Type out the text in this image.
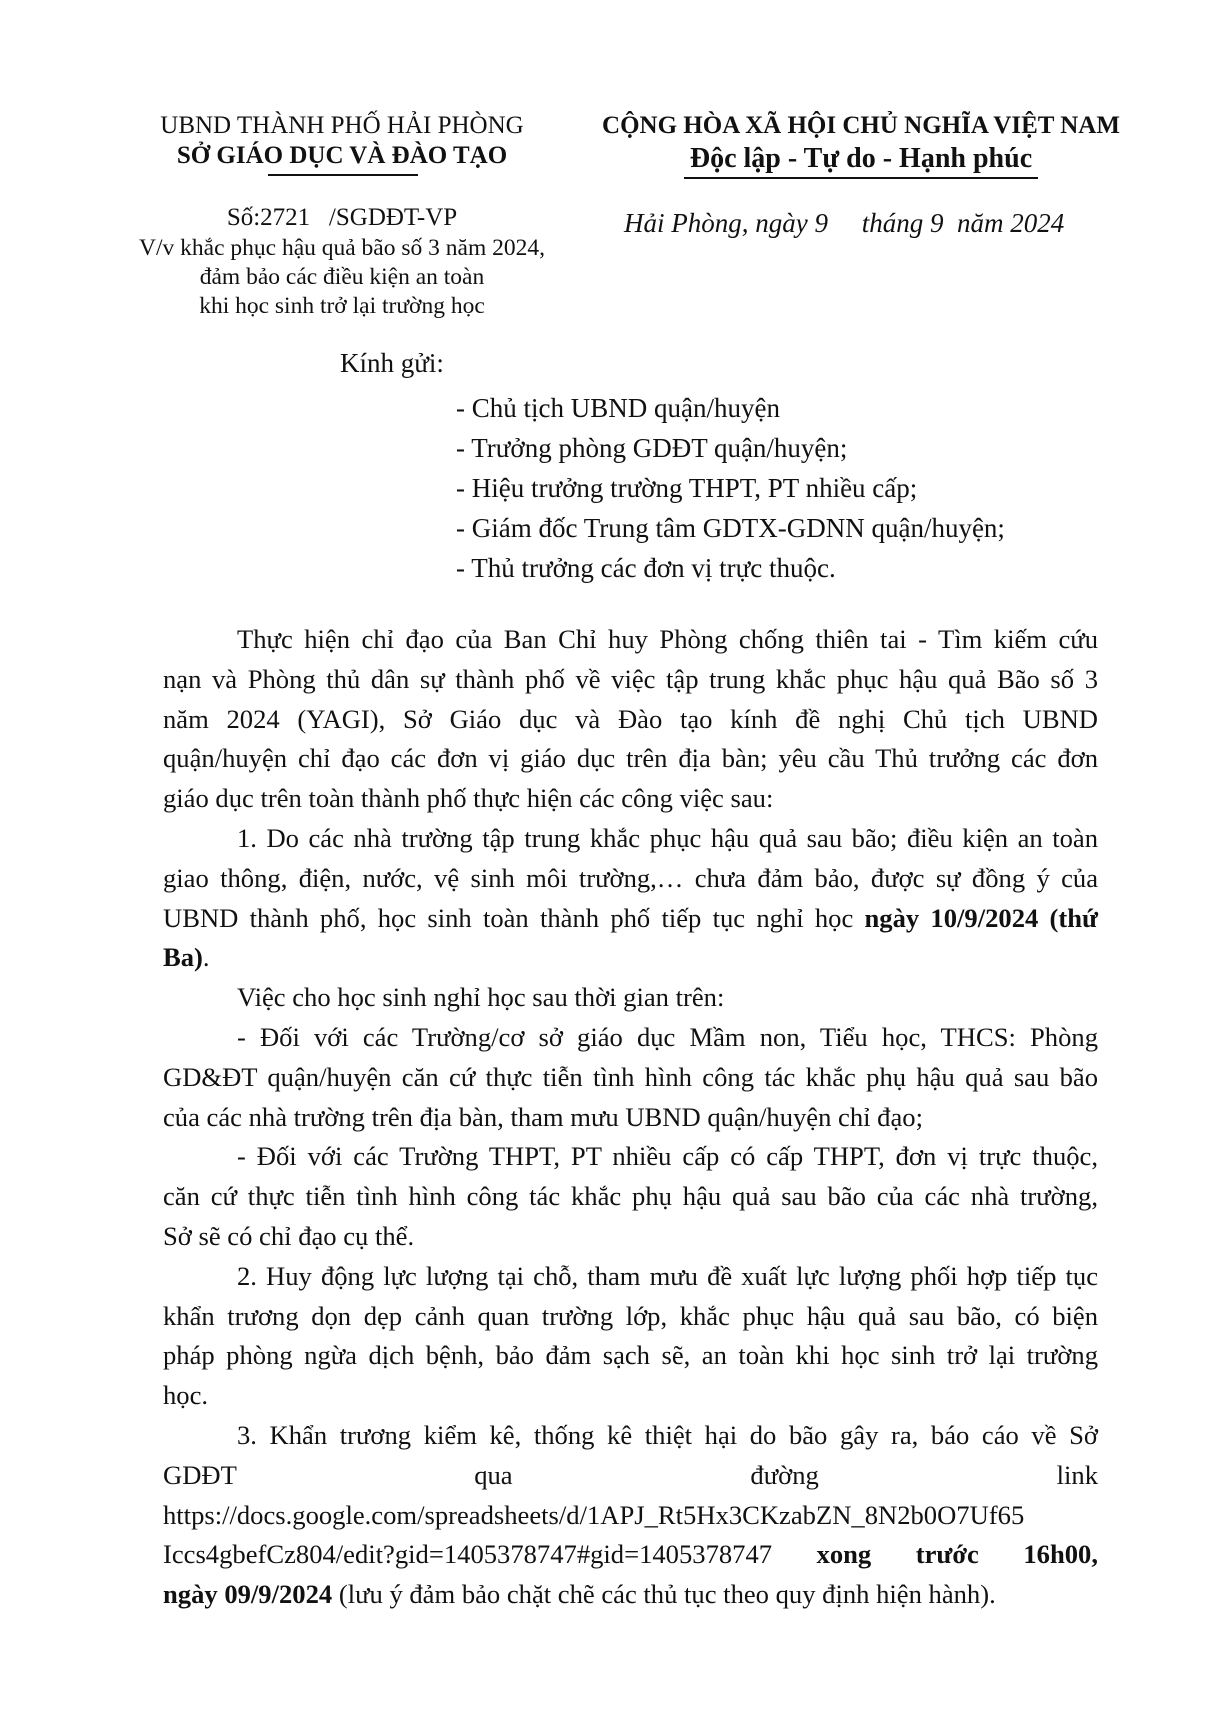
UBND THÀNH PHỐ HẢI PHÒNG
SỞ GIÁO DỤC VÀ ĐÀO TẠO
CỘNG HÒA XÃ HỘI CHỦ NGHĨA VIỆT NAM
Độc lập - Tự do - Hạnh phúc
Số:2721   /SGDĐT-VP
V/v khắc phục hậu quả bão số 3 năm 2024,
đảm bảo các điều kiện an toàn
khi học sinh trở lại trường học
Hải Phòng, ngày 9     tháng 9  năm 2024
Kính gửi:
- Chủ tịch UBND quận/huyện
- Trưởng phòng GDĐT quận/huyện;
- Hiệu trưởng trường THPT, PT nhiều cấp;
- Giám đốc Trung tâm GDTX-GDNN quận/huyện;
- Thủ trưởng các đơn vị trực thuộc.
Thực hiện chỉ đạo của Ban Chỉ huy Phòng chống thiên tai - Tìm kiếm cứu
nạn và Phòng thủ dân sự thành phố về việc tập trung khắc phục hậu quả Bão số 3
năm 2024 (YAGI), Sở Giáo dục và Đào tạo kính đề nghị Chủ tịch UBND
quận/huyện chỉ đạo các đơn vị giáo dục trên địa bàn; yêu cầu Thủ trưởng các đơn
giáo dục trên toàn thành phố thực hiện các công việc sau:
1. Do các nhà trường tập trung khắc phục hậu quả sau bão; điều kiện an toàn
giao thông, điện, nước, vệ sinh môi trường,… chưa đảm bảo, được sự đồng ý của
UBND thành phố, học sinh toàn thành phố tiếp tục nghỉ học ngày 10/9/2024 (thứ
Ba).
Việc cho học sinh nghỉ học sau thời gian trên:
- Đối với các Trường/cơ sở giáo dục Mầm non, Tiểu học, THCS: Phòng
GD&ĐT quận/huyện căn cứ thực tiễn tình hình công tác khắc phụ hậu quả sau bão
của các nhà trường trên địa bàn, tham mưu UBND quận/huyện chỉ đạo;
- Đối với các Trường THPT, PT nhiều cấp có cấp THPT, đơn vị trực thuộc,
căn cứ thực tiễn tình hình công tác khắc phụ hậu quả sau bão của các nhà trường,
Sở sẽ có chỉ đạo cụ thể.
2. Huy động lực lượng tại chỗ, tham mưu đề xuất lực lượng phối hợp tiếp tục
khẩn trương dọn dẹp cảnh quan trường lớp, khắc phục hậu quả sau bão, có biện
pháp phòng ngừa dịch bệnh, bảo đảm sạch sẽ, an toàn khi học sinh trở lại trường
học.
3. Khẩn trương kiểm kê, thống kê thiệt hại do bão gây ra, báo cáo về Sở
GDĐT qua đường link
https://docs.google.com/spreadsheets/d/1APJ_Rt5Hx3CKzabZN_8N2b0O7Uf65
Iccs4gbefCz804/edit?gid=1405378747#gid=1405378747 xong trước 16h00,
ngày 09/9/2024 (lưu ý đảm bảo chặt chẽ các thủ tục theo quy định hiện hành).
